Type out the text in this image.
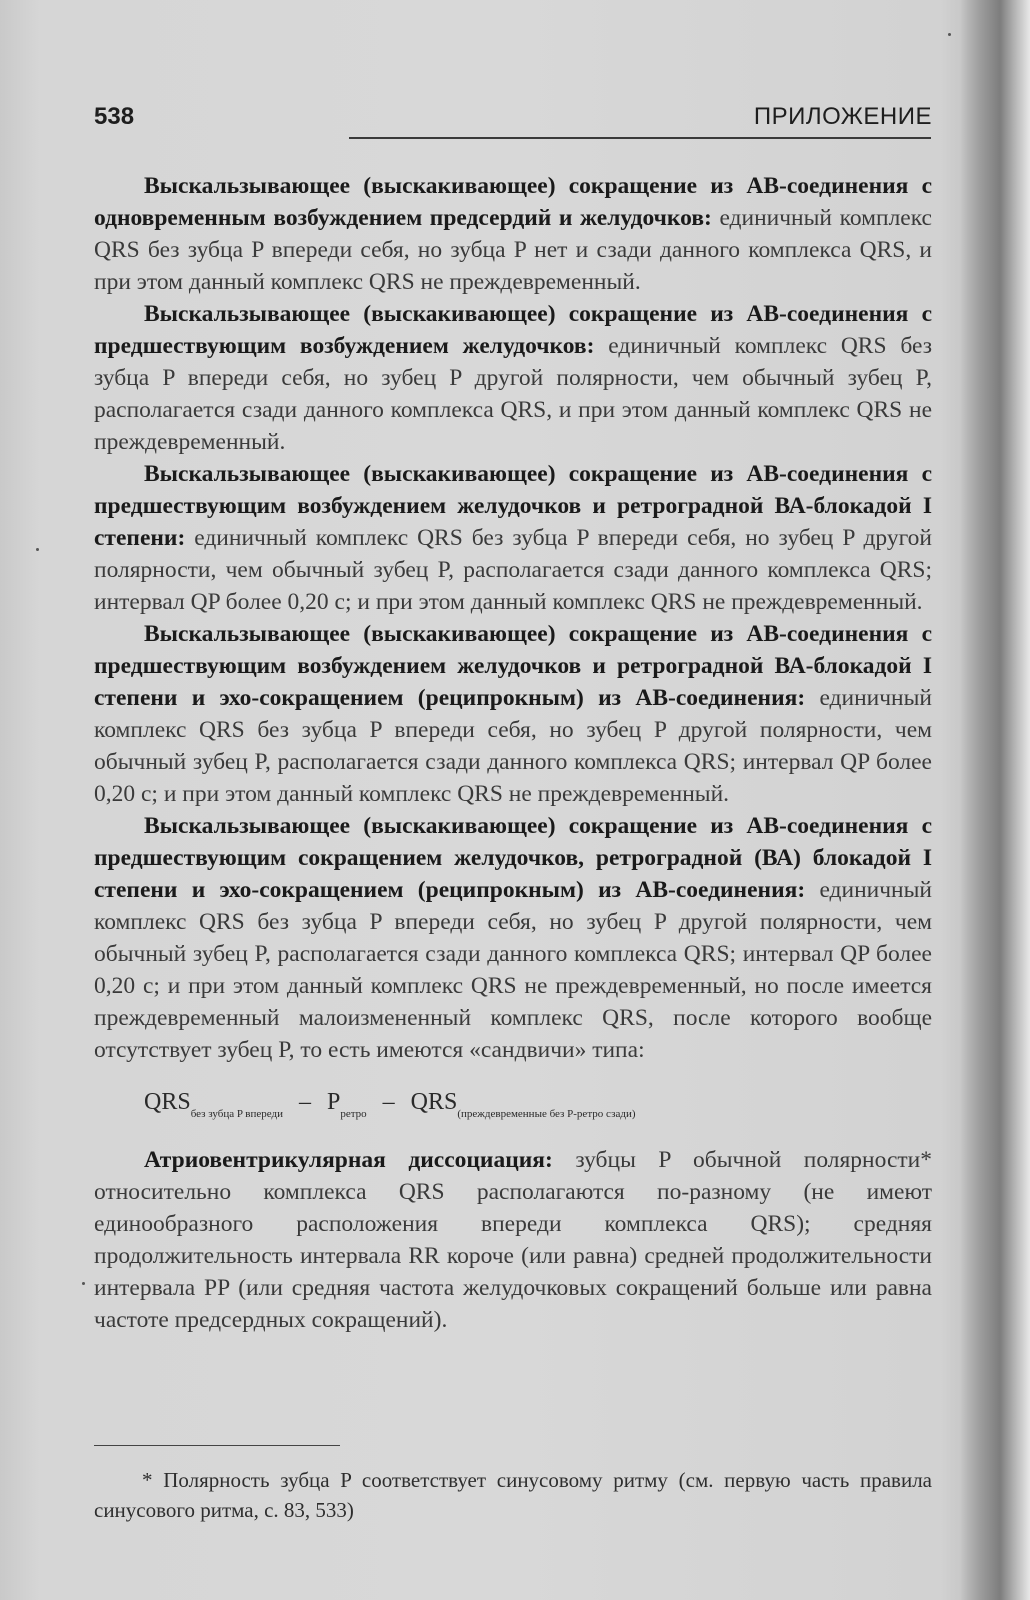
538	ПРИЛОЖЕНИЕ

Выскальзывающее (выскакивающее) сокращение из АВ-соединения с одновременным возбуждением предсердий и желудочков: единичный комплекс QRS без зубца P впереди себя, но зубца P нет и сзади данного комплекса QRS, и при этом данный комплекс QRS не преждевременный.

Выскальзывающее (выскакивающее) сокращение из АВ-соединения с предшествующим возбуждением желудочков: единичный комплекс QRS без зубца P впереди себя, но зубец P другой полярности, чем обычный зубец P, располагается сзади данного комплекса QRS, и при этом данный комплекс QRS не преждевременный.

Выскальзывающее (выскакивающее) сокращение из АВ-соединения с предшествующим возбуждением желудочков и ретроградной ВА-блокадой I степени: единичный комплекс QRS без зубца P впереди себя, но зубец P другой полярности, чем обычный зубец P, располагается сзади данного комплекса QRS; интервал QP более 0,20 с; и при этом данный комплекс QRS не преждевременный.

Выскальзывающее (выскакивающее) сокращение из АВ-соединения с предшествующим возбуждением желудочков и ретроградной ВА-блокадой I степени и эхо-сокращением (реципрокным) из АВ-соединения: единичный комплекс QRS без зубца P впереди себя, но зубец P другой полярности, чем обычный зубец P, располагается сзади данного комплекса QRS; интервал QP более 0,20 с; и при этом данный комплекс QRS не преждевременный.

Выскальзывающее (выскакивающее) сокращение из АВ-соединения с предшествующим сокращением желудочков, ретроградной (ВА) блокадой I степени и эхо-сокращением (реципрокным) из АВ-соединения: единичный комплекс QRS без зубца P впереди себя, но зубец P другой полярности, чем обычный зубец P, располагается сзади данного комплекса QRS; интервал QP более 0,20 с; и при этом данный комплекс QRS не преждевременный, но после имеется преждевременный малоизмененный комплекс QRS, после которого вообще отсутствует зубец P, то есть имеются «сандвичи» типа:

$QRS_{без зубца P впереди} - P_{ретро} - QRS_{(преждевременные без P-ретро сзади)}$

Атриовентрикулярная диссоциация: зубцы P обычной полярности* относительно комплекса QRS располагаются по-разному (не имеют единообразного расположения впереди комплекса QRS); средняя продолжительность интервала RR короче (или равна) средней продолжительности интервала PP (или средняя частота желудочковых сокращений больше или равна частоте предсердных сокращений).

* Полярность зубца P соответствует синусовому ритму (см. первую часть правила синусового ритма, с. 83, 533)
